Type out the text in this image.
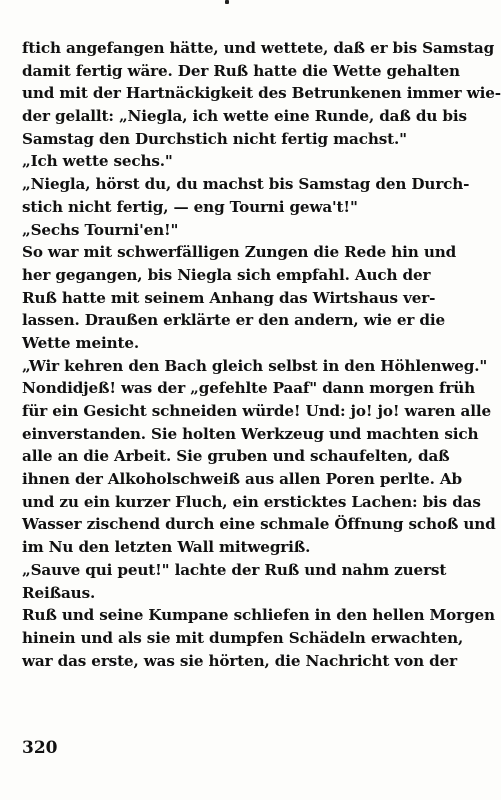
ftich angefangen hätte, und wettete, daß er bis Samstag
damit fertig wäre. Der Ruß hatte die Wette gehalten
und mit der Hartnäckigkeit des Betrunkenen immer wie-
der gelallt: „Niegla, ich wette eine Runde, daß du bis
Samstag den Durchstich nicht fertig machst."
„Ich wette sechs."
„Niegla, hörst du, du machst bis Samstag den Durch-
stich nicht fertig, — eng Tourni gewa't!"
„Sechs Tourni'en!"
So war mit schwerfälligen Zungen die Rede hin und
her gegangen, bis Niegla sich empfahl. Auch der
Ruß hatte mit seinem Anhang das Wirtshaus ver-
lassen. Draußen erklärte er den andern, wie er die
Wette meinte.
„Wir kehren den Bach gleich selbst in den Höhlenweg."
Nondidjeß! was der „gefehlte Paaf" dann morgen früh
für ein Gesicht schneiden würde! Und: jo! jo! waren alle
einverstanden. Sie holten Werkzeug und machten sich
alle an die Arbeit. Sie gruben und schaufelten, daß
ihnen der Alkoholschweiß aus allen Poren perlte. Ab
und zu ein kurzer Fluch, ein ersticktes Lachen: bis das
Wasser zischend durch eine schmale Öffnung schoß und
im Nu den letzten Wall mitwegriß.
„Sauve qui peut!" lachte der Ruß und nahm zuerst
Reißaus.
Ruß und seine Kumpane schliefen in den hellen Morgen
hinein und als sie mit dumpfen Schädeln erwachten,
war das erste, was sie hörten, die Nachricht von der
320
